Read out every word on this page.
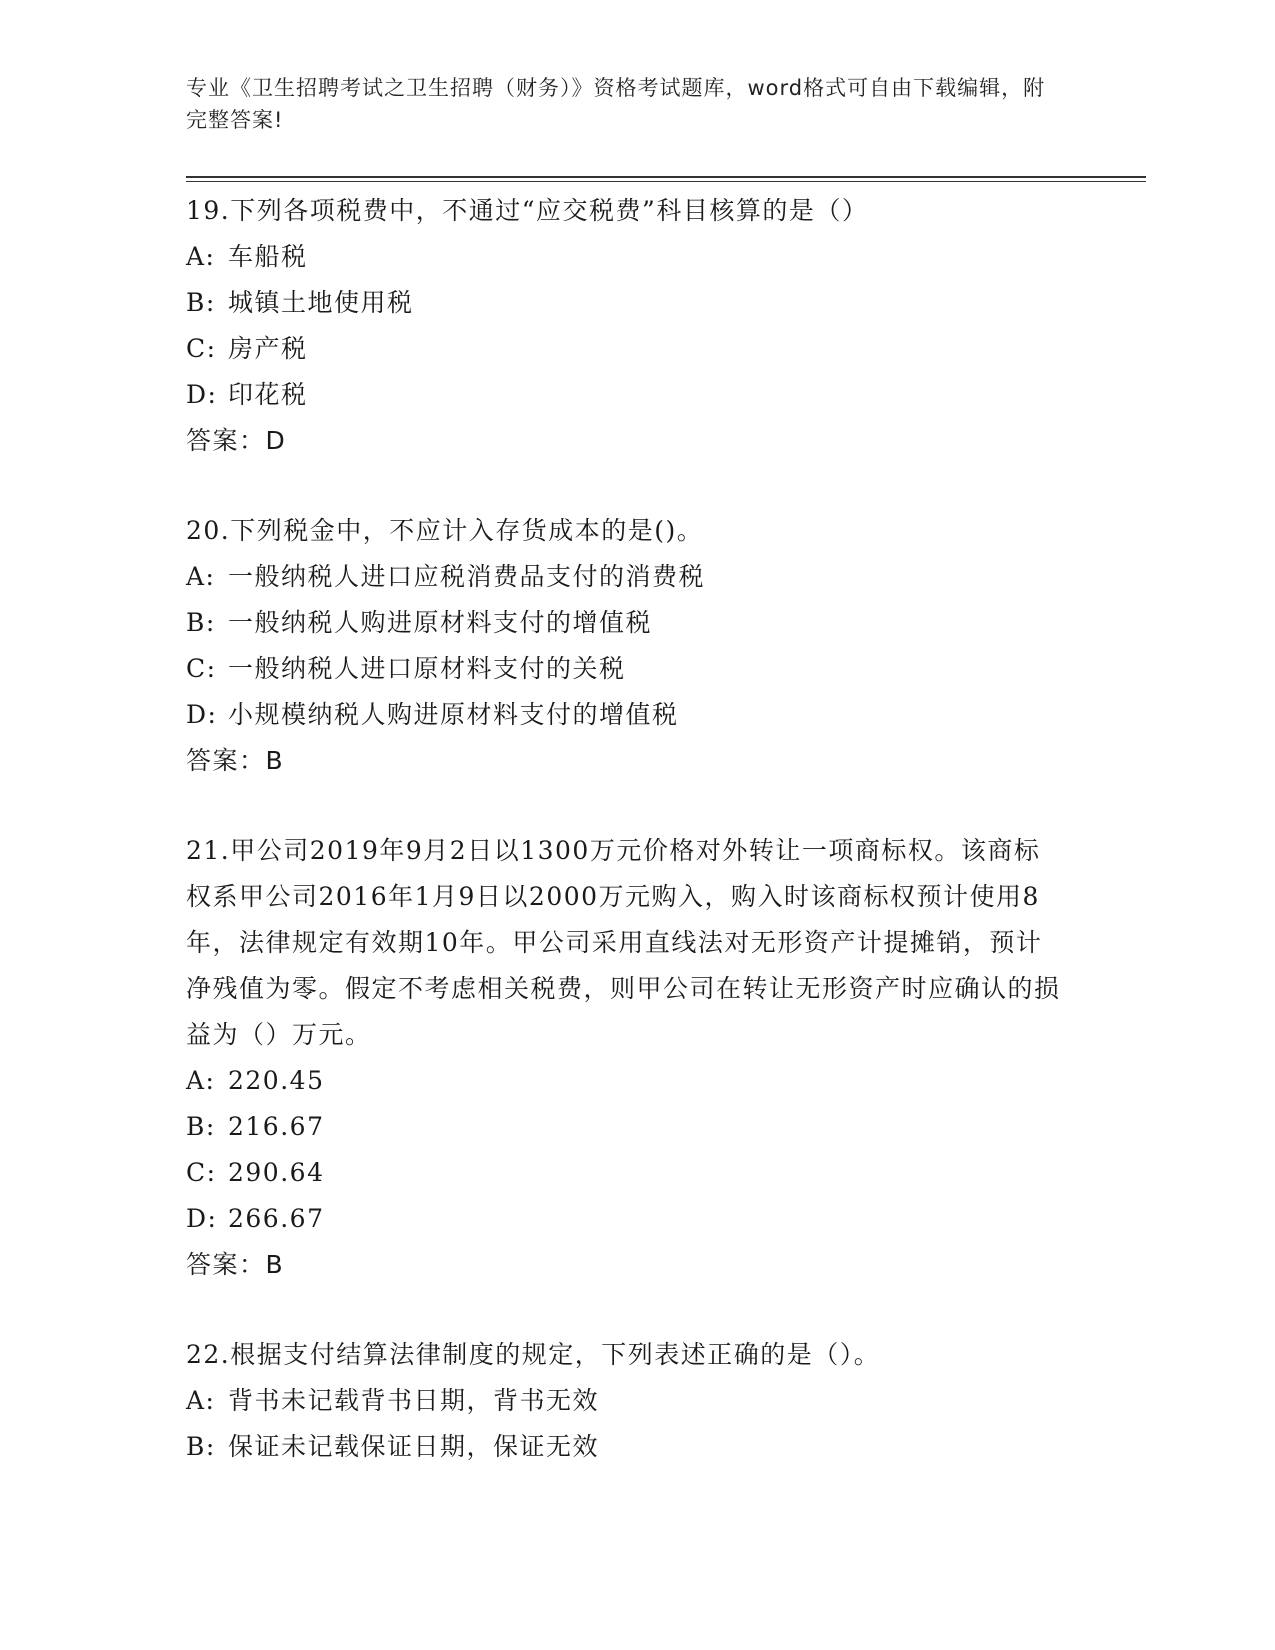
专业《卫生招聘考试之卫生招聘（财务）》资格考试题库，word格式可自由下载编辑，附完整答案!
19.下列各项税费中，不通过“应交税费”科目核算的是（）
A: 车船税
B: 城镇土地使用税
C: 房产税
D: 印花税
答案：D
20.下列税金中，不应计入存货成本的是()。
A: 一般纳税人进口应税消费品支付的消费税
B: 一般纳税人购进原材料支付的增值税
C: 一般纳税人进口原材料支付的关税
D: 小规模纳税人购进原材料支付的增值税
答案：B
21.甲公司2019年9月2日以1300万元价格对外转让一项商标权。该商标权系甲公司2016年1月9日以2000万元购入，购入时该商标权预计使用8年，法律规定有效期10年。甲公司采用直线法对无形资产计提摊销，预计净残值为零。假定不考虑相关税费，则甲公司在转让无形资产时应确认的损益为（）万元。
A: 220.45
B: 216.67
C: 290.64
D: 266.67
答案：B
22.根据支付结算法律制度的规定，下列表述正确的是（）。
A: 背书未记载背书日期，背书无效
B: 保证未记载保证日期，保证无效
